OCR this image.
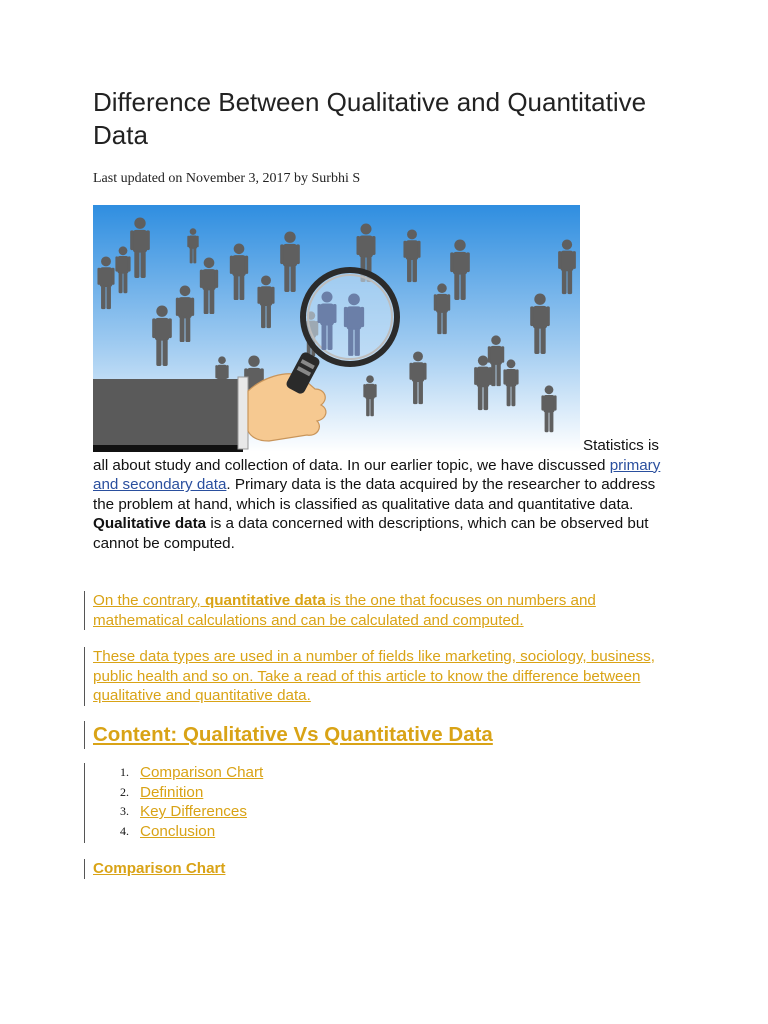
Difference Between Qualitative and Quantitative Data

Last updated on November 3, 2017 by Surbhi S

Statistics is all about study and collection of data. In our earlier topic, we have discussed primary and secondary data. Primary data is the data acquired by the researcher to address the problem at hand, which is classified as qualitative data and quantitative data. Qualitative data is a data concerned with descriptions, which can be observed but cannot be computed.

On the contrary, quantitative data is the one that focuses on numbers and mathematical calculations and can be calculated and computed.

These data types are used in a number of fields like marketing, sociology, business, public health and so on. Take a read of this article to know the difference between qualitative and quantitative data.

Content: Qualitative Vs Quantitative Data
1. Comparison Chart
2. Definition
3. Key Differences
4. Conclusion
Comparison Chart
